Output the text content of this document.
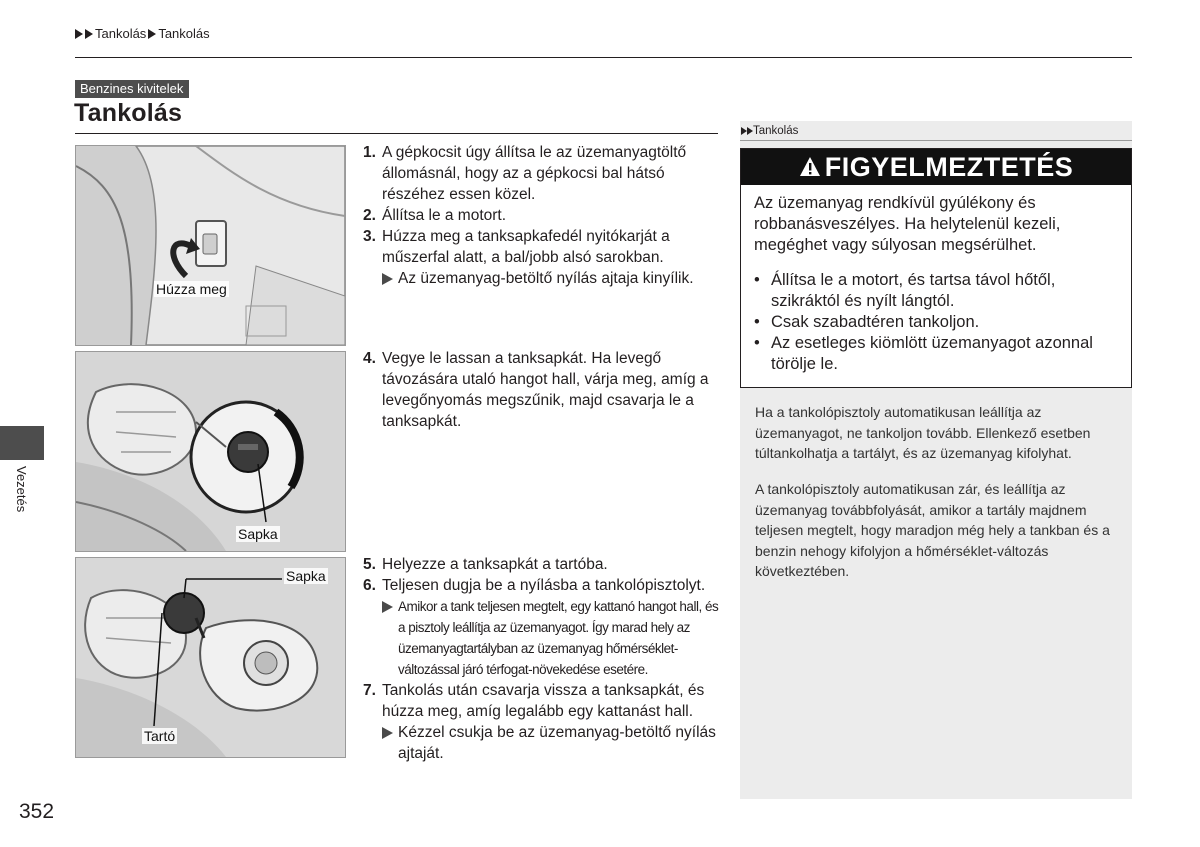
Tankolás Tankolás
Benzines kivitelek
Tankolás
Húzza meg
Sapka
Sapka
Tartó
1. A gépkocsit úgy állítsa le az üzemanyagtöltő állomásnál, hogy az a gépkocsi bal hátsó részéhez essen közel.
2. Állítsa le a motort.
3. Húzza meg a tanksapkafedél nyitókarját a műszerfal alatt, a bal/jobb alsó sarokban.
Az üzemanyag-betöltő nyílás ajtaja kinyílik.
4. Vegye le lassan a tanksapkát. Ha levegő távozására utaló hangot hall, várja meg, amíg a levegőnyomás megszűnik, majd csavarja le a tanksapkát.
5. Helyezze a tanksapkát a tartóba.
6. Teljesen dugja be a nyílásba a tankolópisztolyt.
Amikor a tank teljesen megtelt, egy kattanó hangot hall, és a pisztoly leállítja az üzemanyagot. Így marad hely az üzemanyagtartályban az üzemanyag hőmérséklet-változással járó térfogat-növekedése esetére.
7. Tankolás után csavarja vissza a tanksapkát, és húzza meg, amíg legalább egy kattanást hall.
Kézzel csukja be az üzemanyag-betöltő nyílás ajtaját.
Tankolás
FIGYELMEZTETÉS

Az üzemanyag rendkívül gyúlékony és robbanásveszélyes. Ha helytelenül kezeli, megéghet vagy súlyosan megsérülhet.

• Állítsa le a motort, és tartsa távol hőtől, szikráktól és nyílt lángtól.
• Csak szabadtéren tankoljon.
• Az esetleges kiömlött üzemanyagot azonnal törölje le.
Ha a tankolópisztoly automatikusan leállítja az üzemanyagot, ne tankoljon tovább. Ellenkező esetben túltankolhatja a tartályt, és az üzemanyag kifolyhat.
A tankolópisztoly automatikusan zár, és leállítja az üzemanyag továbbfolyását, amikor a tartály majdnem teljesen megtelt, hogy maradjon még hely a tankban és a benzin nehogy kifolyjon a hőmérséklet-változás következtében.
Vezetés
352
